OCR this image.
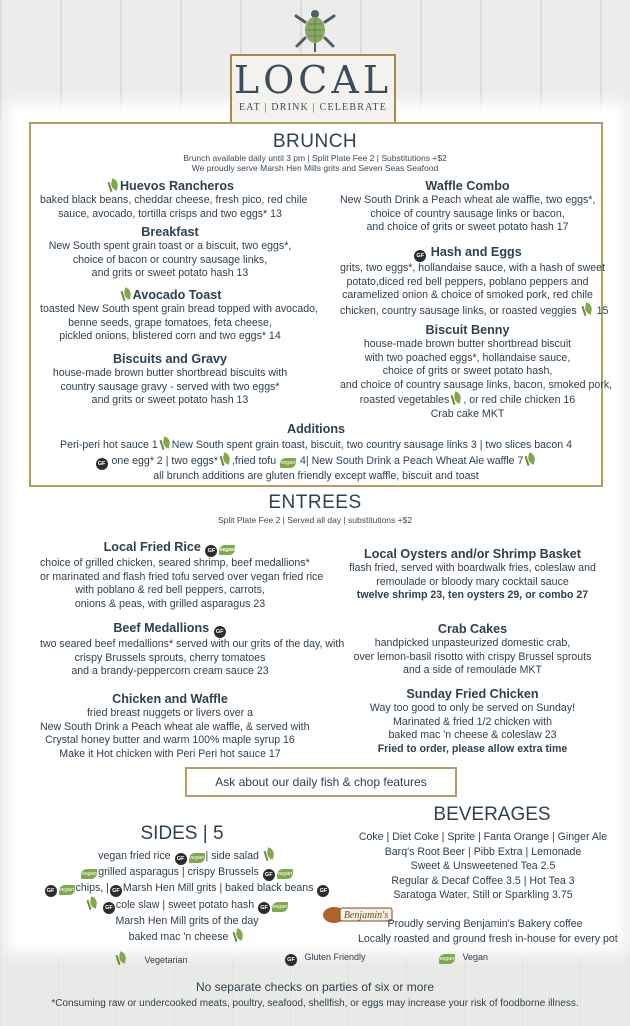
LOCAL
EAT | DRINK | CELEBRATE
BRUNCH
Brunch available daily until 3 pm | Split Plate Fee 2 | Substitutions +$2
We proudly serve Marsh Hen Mills grits and Seven Seas Seafood
Huevos Rancheros
baked black beans, cheddar cheese, fresh pico, red chile
sauce, avocado, tortilla crisps and two eggs* 13
Breakfast
New South spent grain toast or a biscuit, two eggs*,
choice of bacon or country sausage links,
and grits or sweet potato hash 13
Avocado Toast
toasted New South spent grain bread topped with avocado,
benne seeds, grape tomatoes, feta cheese,
pickled onions, blistered corn and two eggs* 14
Biscuits and Gravy
house-made brown butter shortbread biscuits with
country sausage gravy - served with two eggs*
and grits or sweet potato hash 13
Waffle Combo
New South Drink a Peach wheat ale waffle, two eggs*,
choice of country sausage links or bacon,
and choice of grits or sweet potato hash 17
GF Hash and Eggs
grits, two eggs*, hollandaise sauce, with a hash of sweet
potato,diced red bell peppers, poblano peppers and
caramelized onion & choice of smoked pork, red chile
chicken, country sausage links, or roasted veggies 15
Biscuit Benny
house-made brown butter shortbread biscuit
with two poached eggs*, hollandaise sauce,
choice of grits or sweet potato hash,
and choice of country sausage links, bacon, smoked pork,
roasted vegetables , or red chile chicken 16
Crab cake MKT
Additions
Peri-peri hot sauce 1 New South spent grain toast, biscuit, two country sausage links 3 | two slices bacon 4
GF one egg* 2 | two eggs* ,fried tofu vegan 4| New South Drink a Peach Wheat Ale waffle 7
all brunch additions are gluten friendly except waffle, biscuit and toast
ENTREES
Split Plate Fee 2 | Served all day | substitutions +$2
Local Fried Rice GF vegan
choice of grilled chicken, seared shrimp, beef medallions*
or marinated and flash fried tofu served over vegan fried rice
with poblano & red bell peppers, carrots,
onions & peas, with grilled asparagus 23
Beef Medallions GF
two seared beef medallions* served with our grits of the day, with
crispy Brussels sprouts, cherry tomatoes
and a brandy-peppercorn cream sauce 23
Chicken and Waffle
fried breast nuggets or livers over a
New South Drink a Peach wheat ale waffle, & served with
Crystal honey butter and warm 100% maple syrup 16
Make it Hot chicken with Peri Peri hot sauce 17
Local Oysters and/or Shrimp Basket
flash fried, served with boardwalk fries, coleslaw and
remoulade or bloody mary cocktail sauce
twelve shrimp 23, ten oysters 29, or combo 27
Crab Cakes
handpicked unpasteurized domestic crab,
over lemon-basil risotto with crispy Brussel sprouts
and a side of remoulade MKT
Sunday Fried Chicken
Way too good to only be served on Sunday!
Marinated & fried 1/2 chicken with
baked mac 'n cheese & coleslaw 23
Fried to order, please allow extra time
Ask about our daily fish & chop features
SIDES | 5
vegan fried rice GF vegan | side salad
vegan grilled asparagus | crispy Brussels GF vegan
GF vegan chips, | GF Marsh Hen Mill grits | baked black beans GF
GF cole slaw | sweet potato hash GF vegan
Marsh Hen Mill grits of the day
baked mac 'n cheese
BEVERAGES
Coke | Diet Coke | Sprite | Fanta Orange | Ginger Ale
Barq's Root Beer | Pibb Extra | Lemonade
Sweet & Unsweetened Tea 2.5
Regular & Decaf Coffee 3.5 | Hot Tea 3
Saratoga Water, Still or Sparkling 3.75
Benjamin's
Proudly serving Benjamin's Bakery coffee
Locally roasted and ground fresh in-house for every pot
Vegetarian	GF Gluten Friendly	vegan Vegan
No separate checks on parties of six or more
*Consuming raw or undercooked meats, poultry, seafood, shellfish, or eggs may increase your risk of foodborne illness.
